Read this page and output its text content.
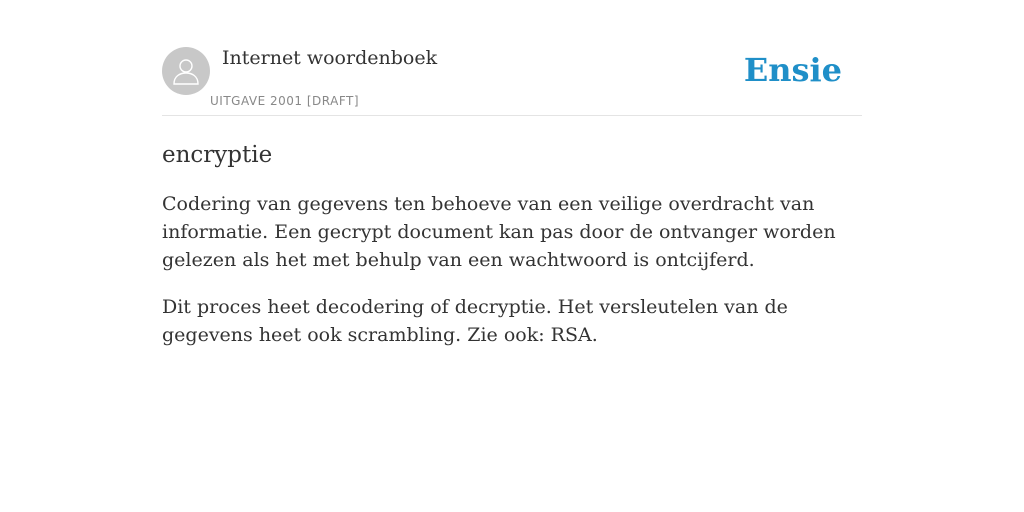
Internet woordenboek
UITGAVE 2001 [DRAFT]
Ensie
encryptie

Codering van gegevens ten behoeve van een veilige overdracht van informatie. Een gecrypt document kan pas door de ontvanger worden gelezen als het met behulp van een wachtwoord is ontcijferd.

Dit proces heet decodering of decryptie. Het versleutelen van de gegevens heet ook scrambling. Zie ook: RSA.
